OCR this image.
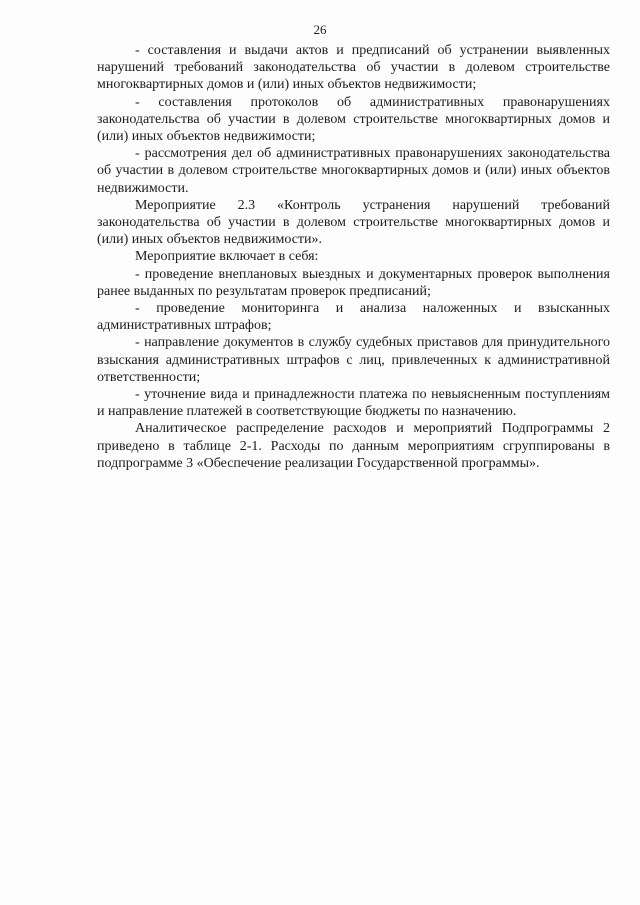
26

- составления и выдачи актов и предписаний об устранении выявленных нарушений требований законодательства об участии в долевом строительстве многоквартирных домов и (или) иных объектов недвижимости;

- составления протоколов об административных правонарушениях законодательства об участии в долевом строительстве многоквартирных домов и (или) иных объектов недвижимости;

- рассмотрения дел об административных правонарушениях законодательства об участии в долевом строительстве многоквартирных домов и (или) иных объектов недвижимости.

Мероприятие 2.3 «Контроль устранения нарушений требований законодательства об участии в долевом строительстве многоквартирных домов и (или) иных объектов недвижимости».

Мероприятие включает в себя:

- проведение внеплановых выездных и документарных проверок выполнения ранее выданных по результатам проверок предписаний;

- проведение мониторинга и анализа наложенных и взысканных административных штрафов;

- направление документов в службу судебных приставов для принудительного взыскания административных штрафов с лиц, привлеченных к административной ответственности;

- уточнение вида и принадлежности платежа по невыясненным поступлениям и направление платежей в соответствующие бюджеты по назначению.

Аналитическое распределение расходов и мероприятий Подпрограммы 2 приведено в таблице 2-1. Расходы по данным мероприятиям сгруппированы в подпрограмме 3 «Обеспечение реализации Государственной программы».
